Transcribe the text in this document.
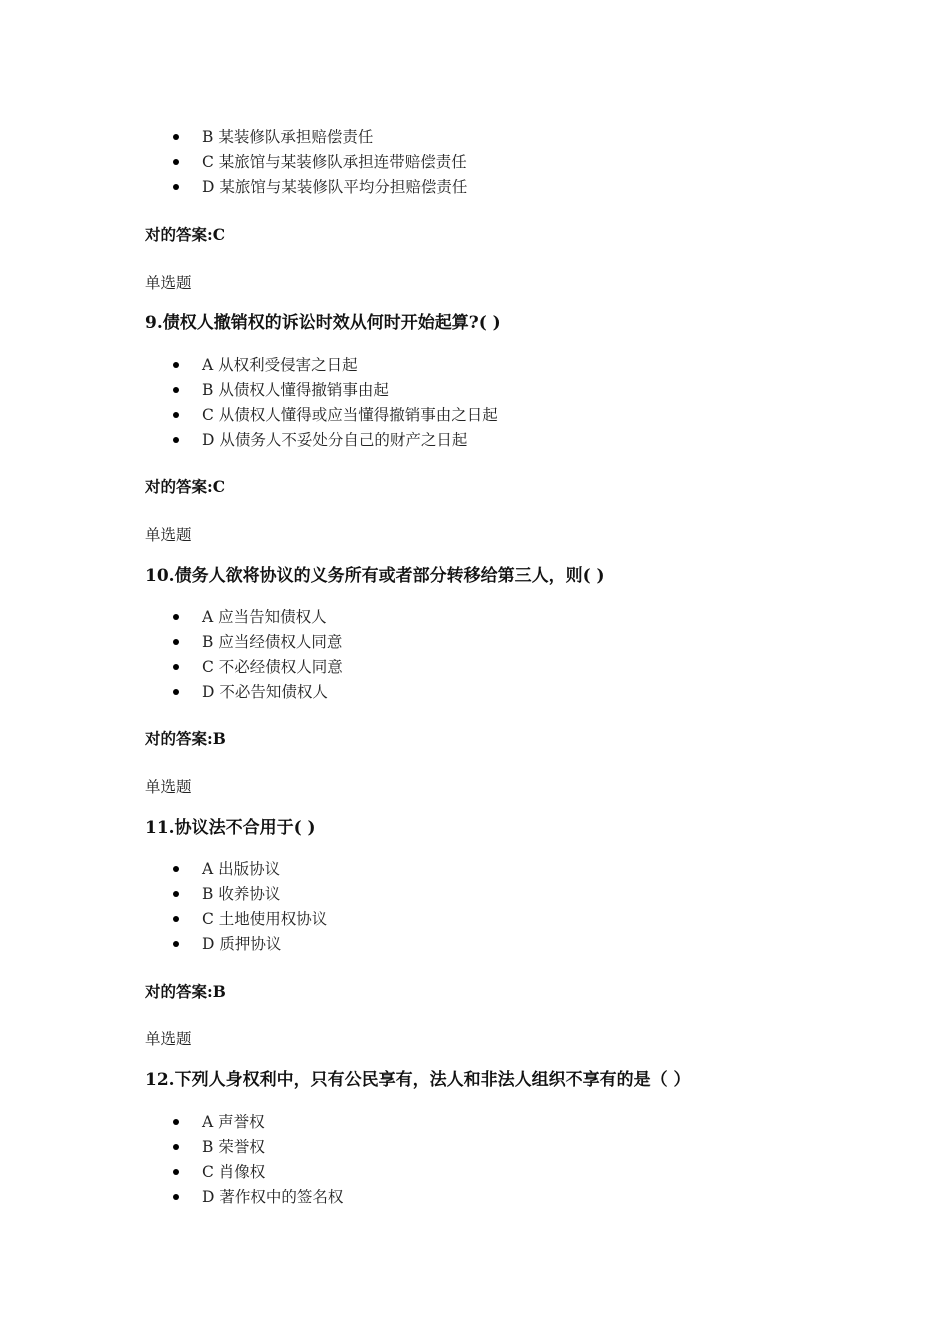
B 某装修队承担赔偿责任
C 某旅馆与某装修队承担连带赔偿责任
D 某旅馆与某装修队平均分担赔偿责任
对的答案:C
单选题
9.债权人撤销权的诉讼时效从何时开始起算?( )
A 从权利受侵害之日起
B 从债权人懂得撤销事由起
C 从债权人懂得或应当懂得撤销事由之日起
D 从债务人不妥处分自己的财产之日起
对的答案:C
单选题
10.债务人欲将协议的义务所有或者部分转移给第三人，则( )
A 应当告知债权人
B 应当经债权人同意
C 不必经债权人同意
D 不必告知债权人
对的答案:B
单选题
11.协议法不合用于( )
A 出版协议
B 收养协议
C 土地使用权协议
D 质押协议
对的答案:B
单选题
12.下列人身权利中，只有公民享有，法人和非法人组织不享有的是（ ）
A 声誉权
B 荣誉权
C 肖像权
D 著作权中的签名权
